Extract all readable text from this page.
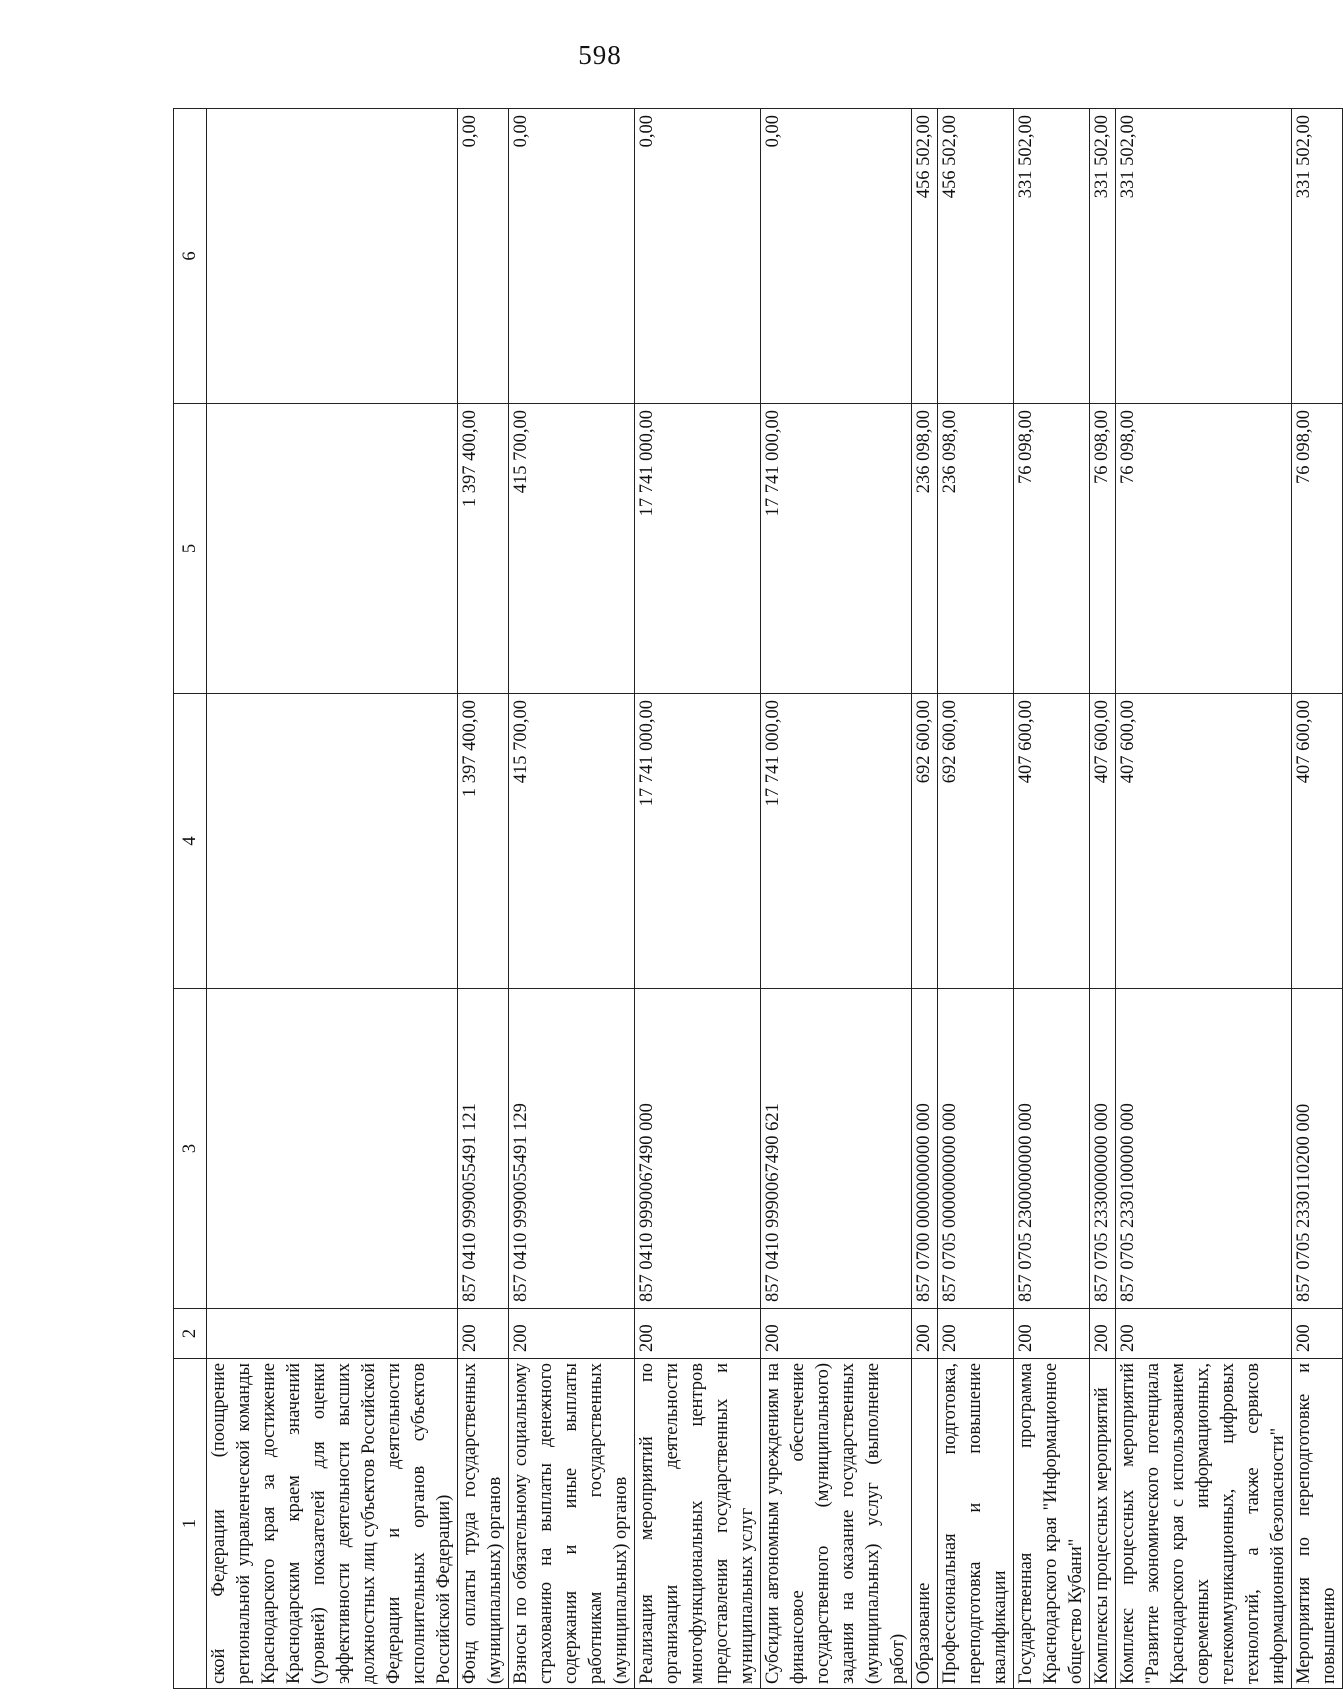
598
1	2	3	4	5	6
ской Федерации (поощрение региональной управленческой команды Краснодарского края за достижение Краснодарским краем значений (уровней) показателей для оценки эффективности деятельности высших должностных лиц субъектов Российской Федерации и деятельности исполнительных органов субъектов Российской Федерации)					
Фонд оплаты труда государственных (муниципальных) органов	200	857 0410 9990055491 121	1 397 400,00	1 397 400,00	0,00
Взносы по обязательному социальному страхованию на выплаты денежного содержания и иные выплаты работникам государственных (муниципальных) органов	200	857 0410 9990055491 129	415 700,00	415 700,00	0,00
Реализация мероприятий по организации деятельности многофункциональных центров предоставления государственных и муниципальных услуг	200	857 0410 9990067490 000	17 741 000,00	17 741 000,00	0,00
Субсидии автономным учреждениям на финансовое обеспечение государственного (муниципального) задания на оказание государственных (муниципальных) услуг (выполнение работ)	200	857 0410 9990067490 621	17 741 000,00	17 741 000,00	0,00
Образование	200	857 0700 0000000000 000	692 600,00	236 098,00	456 502,00
Профессиональная подготовка, переподготовка и повышение квалификации	200	857 0705 0000000000 000	692 600,00	236 098,00	456 502,00
Государственная программа Краснодарского края "Информационное общество Кубани"	200	857 0705 2300000000 000	407 600,00	76 098,00	331 502,00
Комплексы процессных мероприятий	200	857 0705 2330000000 000	407 600,00	76 098,00	331 502,00
Комплекс процессных мероприятий "Развитие экономического потенциала Краснодарского края с использованием современных информационных, телекоммуникационных, цифровых технологий, а также сервисов информационной безопасности"	200	857 0705 2330100000 000	407 600,00	76 098,00	331 502,00
Мероприятия по переподготовке и повышению	200	857 0705 2330110200 000	407 600,00	76 098,00	331 502,00
